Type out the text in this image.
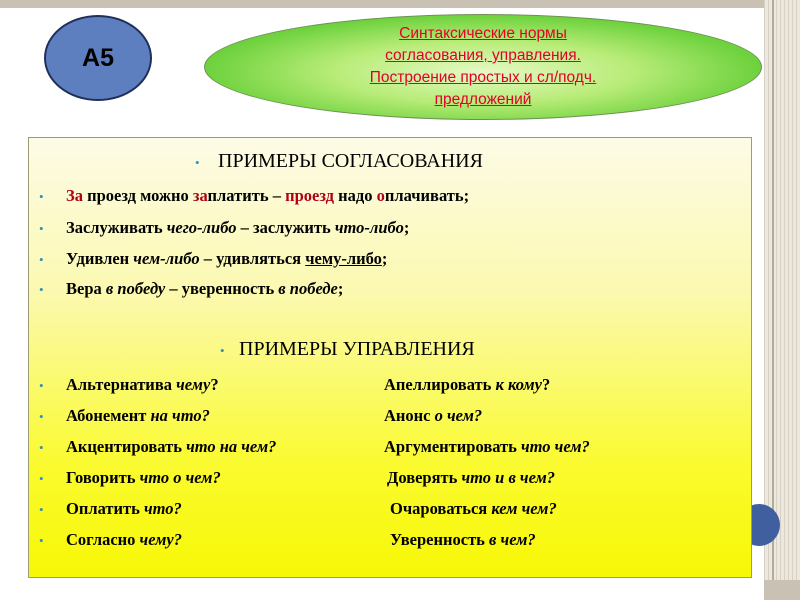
А5
Синтаксические нормы
согласования, управления.
Построение простых и сл/подч.
предложений
• ПРИМЕРЫ СОГЛАСОВАНИЯ
• За проезд можно заплатить – проезд надо оплачивать;
• Заслуживать чего-либо – заслужить что-либо;
• Удивлен чем-либо – удивляться чему-либо;
• Вера в победу – уверенность в победе;
• ПРИМЕРЫ УПРАВЛЕНИЯ
• Альтернатива чему?	Апеллировать к кому?
• Абонемент на что?	Анонс о чем?
• Акцентировать что на чем?	Аргументировать что чем?
• Говорить что о чем?	Доверять что и в чем?
• Оплатить что?	Очароваться кем чем?
• Согласно чему?	Уверенность в чем?
